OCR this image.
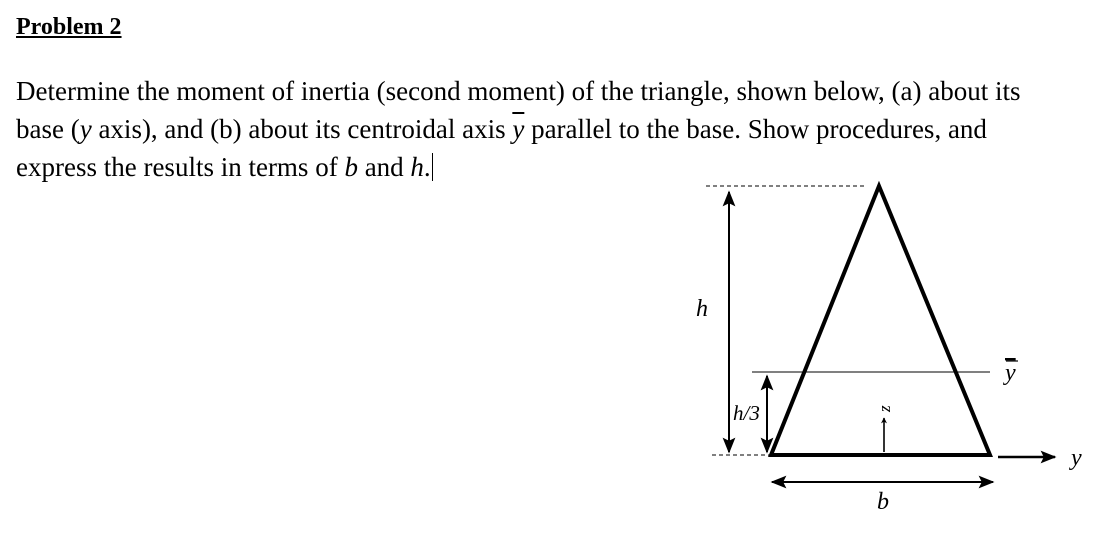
Problem 2
Determine the moment of inertia (second moment) of the triangle, shown below, (a) about its
base (y axis), and (b) about its centroidal axis $\overline{y}$ parallel to the base. Show procedures, and
express the results in terms of b and h.
h
h/3	z
y
y
b
